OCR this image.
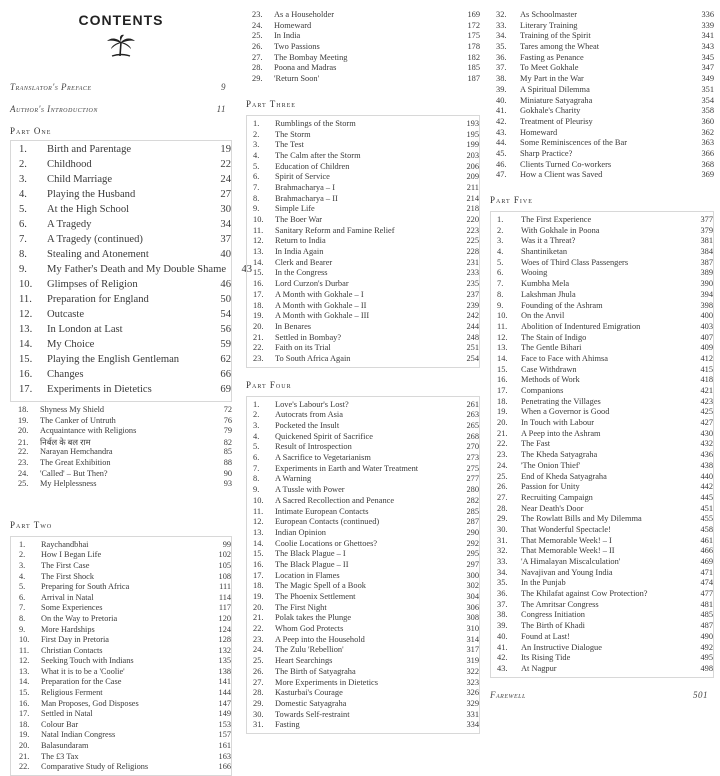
CONTENTS
Translator's Preface	9
Author's Introduction	11
Part One
1.	Birth and Parentage	19
2.	Childhood	22
3.	Child Marriage	24
4.	Playing the Husband	27
5.	At the High School	30
6.	A Tragedy	34
7.	A Tragedy (continued)	37
8.	Stealing and Atonement	40
9.	My Father's Death and My Double Shame	43
10.	Glimpses of Religion	46
11.	Preparation for England	50
12.	Outcaste	54
13.	In London at Last	56
14.	My Choice	59
15.	Playing the English Gentleman	62
16.	Changes	66
17.	Experiments in Dietetics	69
18.	Shyness My Shield	72
19.	The Canker of Untruth	76
20.	Acquaintance with Religions	79
21.	निर्बल के बल राम	82
22.	Narayan Hemchandra	85
23.	The Great Exhibition	88
24.	'Called' – But Then?	90
25.	My Helplessness	93
Part Two
1.	Raychandbhai	99
2.	How I Began Life	102
3.	The First Case	105
4.	The First Shock	108
5.	Preparing for South Africa	111
6.	Arrival in Natal	114
7.	Some Experiences	117
8.	On the Way to Pretoria	120
9.	More Hardships	124
10.	First Day in Pretoria	128
11.	Christian Contacts	132
12.	Seeking Touch with Indians	135
13.	What it is to be a 'Coolie'	138
14.	Preparation for the Case	141
15.	Religious Ferment	144
16.	Man Proposes, God Disposes	147
17.	Settled in Natal	149
18.	Colour Bar	153
19.	Natal Indian Congress	157
20.	Balasundaram	161
21.	The £3 Tax	163
22.	Comparative Study of Religions	166
23.	As a Householder	169
24.	Homeward	172
25.	In India	175
26.	Two Passions	178
27.	The Bombay Meeting	182
28.	Poona and Madras	185
29.	'Return Soon'	187
Part Three
1.	Rumblings of the Storm	193
2.	The Storm	195
3.	The Test	199
4.	The Calm after the Storm	203
5.	Education of Children	206
6.	Spirit of Service	209
7.	Brahmacharya – I	211
8.	Brahmacharya – II	214
9.	Simple Life	218
10.	The Boer War	220
11.	Sanitary Reform and Famine Relief	223
12.	Return to India	225
13.	In India Again	228
14.	Clerk and Bearer	231
15.	In the Congress	233
16.	Lord Curzon's Durbar	235
17.	A Month with Gokhale – I	237
18.	A Month with Gokhale – II	239
19.	A Month with Gokhale – III	242
20.	In Benares	244
21.	Settled in Bombay?	248
22.	Faith on its Trial	251
23.	To South Africa Again	254
Part Four
1.	Love's Labour's Lost?	261
2.	Autocrats from Asia	263
3.	Pocketed the Insult	265
4.	Quickened Spirit of Sacrifice	268
5.	Result of Introspection	270
6.	A Sacrifice to Vegetarianism	273
7.	Experiments in Earth and Water Treatment	275
8.	A Warning	277
9.	A Tussle with Power	280
10.	A Sacred Recollection and Penance	282
11.	Intimate European Contacts	285
12.	European Contacts (continued)	287
13.	Indian Opinion	290
14.	Coolie Locations or Ghettoes?	292
15.	The Black Plague – I	295
16.	The Black Plague – II	297
17.	Location in Flames	300
18.	The Magic Spell of a Book	302
19.	The Phoenix Settlement	304
20.	The First Night	306
21.	Polak takes the Plunge	308
22.	Whom God Protects	310
23.	A Peep into the Household	314
24.	The Zulu 'Rebellion'	317
25.	Heart Searchings	319
26.	The Birth of Satyagraha	322
27.	More Experiments in Dietetics	323
28.	Kasturbai's Courage	326
29.	Domestic Satyagraha	329
30.	Towards Self-restraint	331
31.	Fasting	334
32.	As Schoolmaster	336
33.	Literary Training	339
34.	Training of the Spirit	341
35.	Tares among the Wheat	343
36.	Fasting as Penance	345
37.	To Meet Gokhale	347
38.	My Part in the War	349
39.	A Spiritual Dilemma	351
40.	Miniature Satyagraha	354
41.	Gokhale's Charity	358
42.	Treatment of Pleurisy	360
43.	Homeward	362
44.	Some Reminiscences of the Bar	363
45.	Sharp Practice?	366
46.	Clients Turned Co-workers	368
47.	How a Client was Saved	369
Part Five
1.	The First Experience	377
2.	With Gokhale in Poona	379
3.	Was it a Threat?	381
4.	Shantiniketan	384
5.	Woes of Third Class Passengers	387
6.	Wooing	389
7.	Kumbha Mela	390
8.	Lakshman Jhula	394
9.	Founding of the Ashram	398
10.	On the Anvil	400
11.	Abolition of Indentured Emigration	403
12.	The Stain of Indigo	407
13.	The Gentle Bihari	409
14.	Face to Face with Ahimsa	412
15.	Case Withdrawn	415
16.	Methods of Work	418
17.	Companions	421
18.	Penetrating the Villages	423
19.	When a Governor is Good	425
20.	In Touch with Labour	427
21.	A Peep into the Ashram	430
22.	The Fast	432
23.	The Kheda Satyagraha	436
24.	'The Onion Thief'	438
25.	End of Kheda Satyagraha	440
26.	Passion for Unity	442
27.	Recruiting Campaign	445
28.	Near Death's Door	451
29.	The Rowlatt Bills and My Dilemma	455
30.	That Wonderful Spectacle!	458
31.	That Memorable Week! – I	461
32.	That Memorable Week! – II	466
33.	'A Himalayan Miscalculation'	469
34.	Navajivan and Young India	471
35.	In the Punjab	474
36.	The Khilafat against Cow Protection?	477
37.	The Amritsar Congress	481
38.	Congress Initiation	485
39.	The Birth of Khadi	487
40.	Found at Last!	490
41.	An Instructive Dialogue	492
42.	Its Rising Tide	495
43.	At Nagpur	498
Farewell	501
